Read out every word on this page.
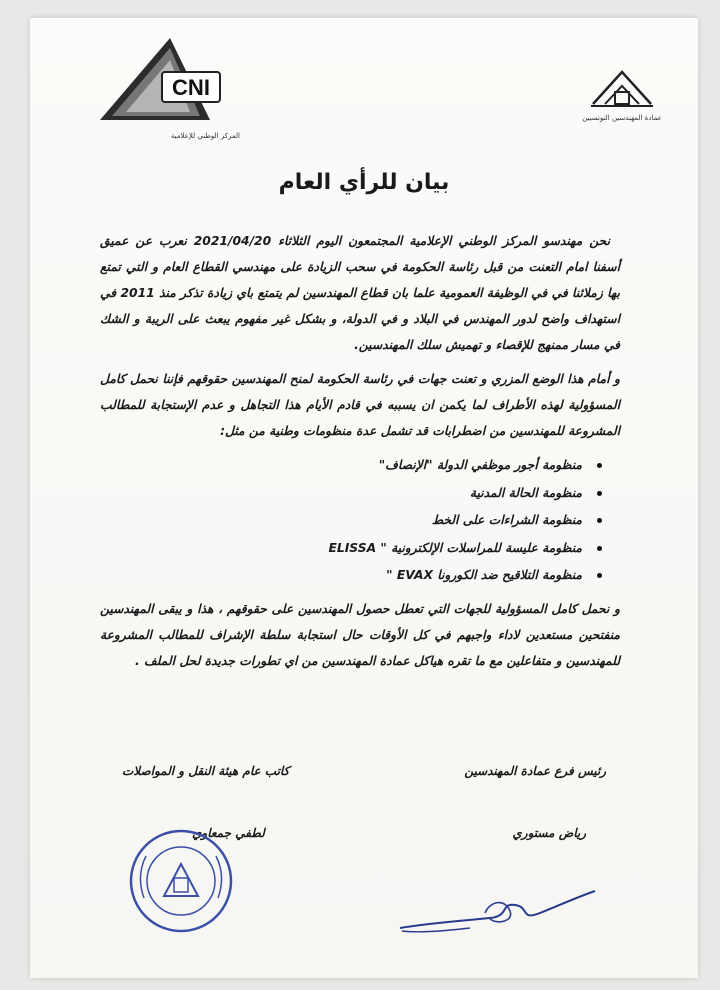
عمادة المهندسين التونسيين
CNI
المركز الوطني للإعلامية
بيان للرأي العام

نحن مهندسو المركز الوطني الإعلامية المجتمعون اليوم الثلاثاء 2021/04/20 نعرب عن عميق أسفنا امام التعنت من قبل رئاسة الحكومة في سحب الزيادة على مهندسي القطاع العام و التي تمتع بها زملائنا في في الوظيفة العمومية علما بان قطاع المهندسين لم يتمتع باي زيادة تذكر منذ 2011 في استهداف واضح لدور المهندس في البلاد و في الدولة، و بشكل غير مفهوم يبعث على الريبة و الشك في مسار ممنهج للإقصاء و تهميش سلك المهندسين.

و أمام هذا الوضع المزري و تعنت جهات في رئاسة الحكومة لمنح المهندسين حقوقهم فإننا نحمل كامل المسؤولية لهذه الأطراف لما يكمن ان يسببه في قادم الأيام هذا التجاهل و عدم الإستجابة للمطالب المشروعة للمهندسين من اضطرابات قد تشمل عدة منظومات وطنية من مثل:

منظومة أجور موظفي الدولة "الإنصاف"
منظومة الحالة المدنية
منظومة الشراءات على الخط
منظومة عليسة للمراسلات الإلكترونية " ELISSA
منظومة التلاقيح ضد الكورونا EVAX "

و نحمل كامل المسؤولية للجهات التي تعطل حصول المهندسين على حقوقهم ، هذا و يبقى المهندسين منفتحين مستعدين لاداء واجبهم في كل الأوقات حال استجابة سلطة الإشراف للمطالب المشروعة للمهندسين و متفاعلين مع ما تقره هياكل عمادة المهندسين من اي تطورات جديدة لحل الملف .

رئيس فرع عمادة المهندسين
كاتب عام هيئة النقل و المواصلات
رياض مستوري
لطفي جمعاوي
